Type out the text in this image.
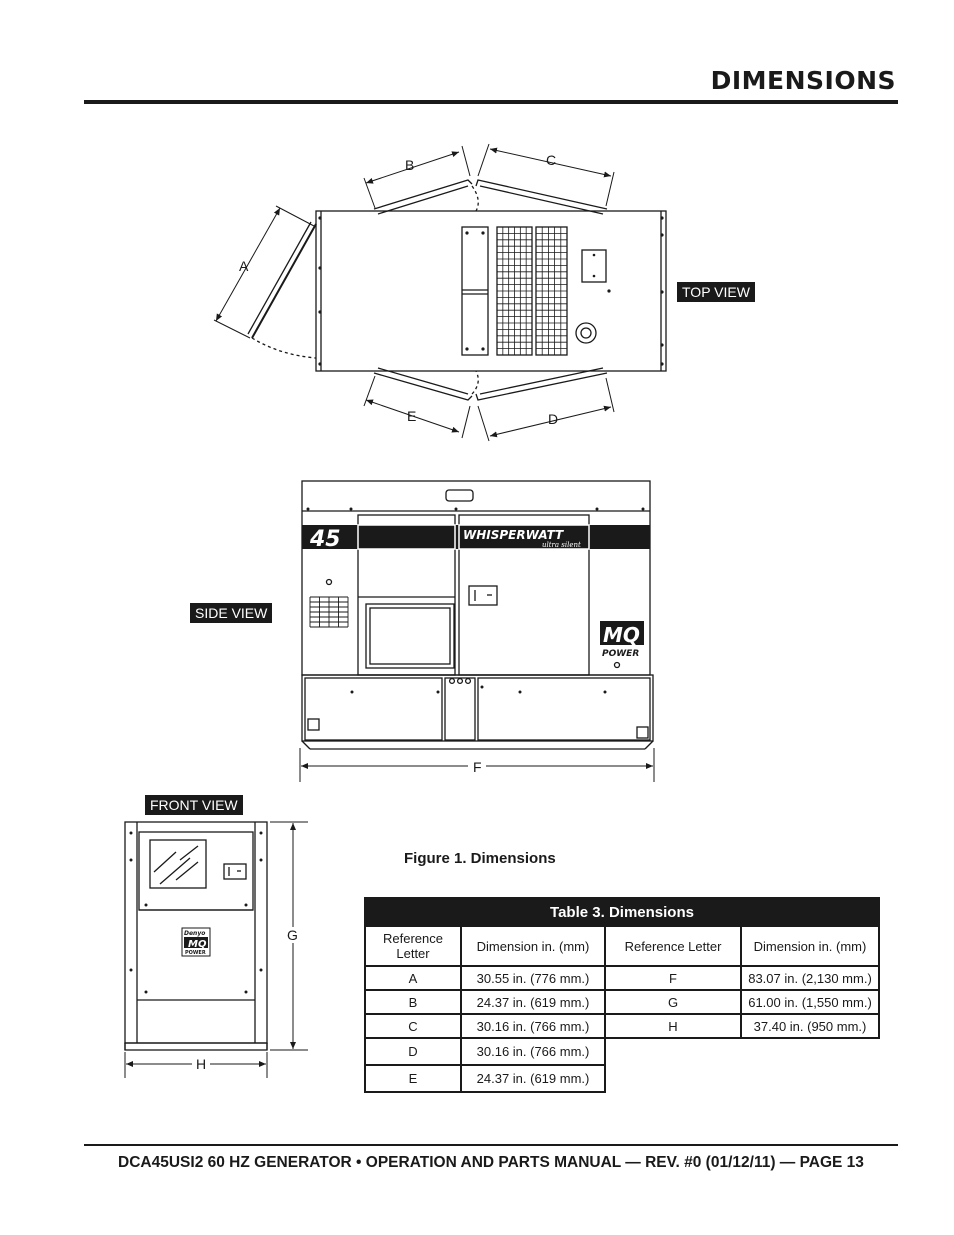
DIMENSIONS
A
B	C
E	D
45	WHISPERWATT
ultra silent
MQ
POWER
F
Denyo
MQ
POWER
G
H
TOP VIEW
SIDE VIEW
FRONT VIEW
Figure 1. Dimensions
Table 3. Dimensions			
Reference Letter	Dimension in. (mm)	Reference Letter	Dimension in. (mm)
A	30.55 in. (776 mm.)	F	83.07 in. (2,130 mm.)
B	24.37 in. (619 mm.)	G	61.00 in. (1,550 mm.)
C	30.16 in. (766 mm.)	H	37.40 in. (950 mm.)
D	30.16 in. (766 mm.)		
E	24.37 in. (619 mm.)		
DCA45USI2 60 HZ GENERATOR • OPERATION AND PARTS MANUAL — REV. #0 (01/12/11) — PAGE 13
